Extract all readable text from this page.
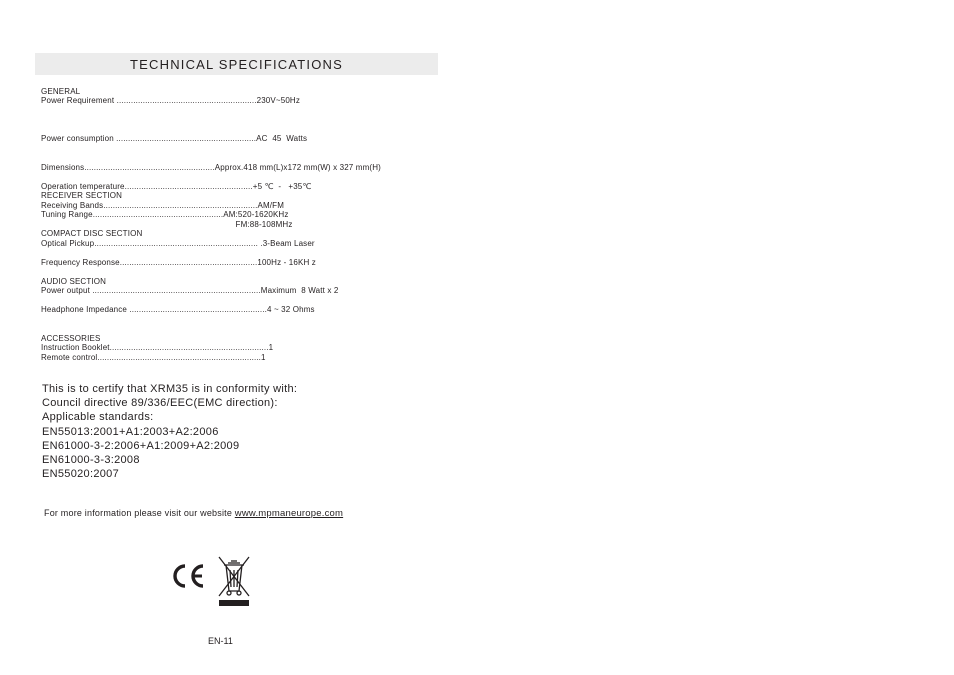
TECHNICAL SPECIFICATIONS
GENERAL
Power Requirement ...........................................................230V~50Hz
Power consumption ...........................................................AC  45  Watts
Dimensions.......................................................Approx.418 mm(L)x172 mm(W) x 327 mm(H)
Operation temperature......................................................+5 ℃  -   +35℃
RECEIVER SECTION
Receiving Bands.................................................................AM/FM
Tuning Range.......................................................AM:520-1620KHz
FM:88-108MHz
COMPACT DISC SECTION
Optical Pickup..................................................................... .3-Beam Laser
Frequency Response..........................................................100Hz - 16KH z
AUDIO SECTION
Power output .......................................................................Maximum  8 Watt x 2
Headphone Impedance ..........................................................4 ~ 32 Ohms
ACCESSORIES
Instruction Booklet...................................................................1
Remote control.....................................................................1
This is to certify that XRM35 is in conformity with:
Council directive 89/336/EEC(EMC direction):
Applicable standards:
EN55013:2001+A1:2003+A2:2006
EN61000-3-2:2006+A1:2009+A2:2009
EN61000-3-3:2008
EN55020:2007
For more information please visit our website www.mpmaneurope.com
EN-11
